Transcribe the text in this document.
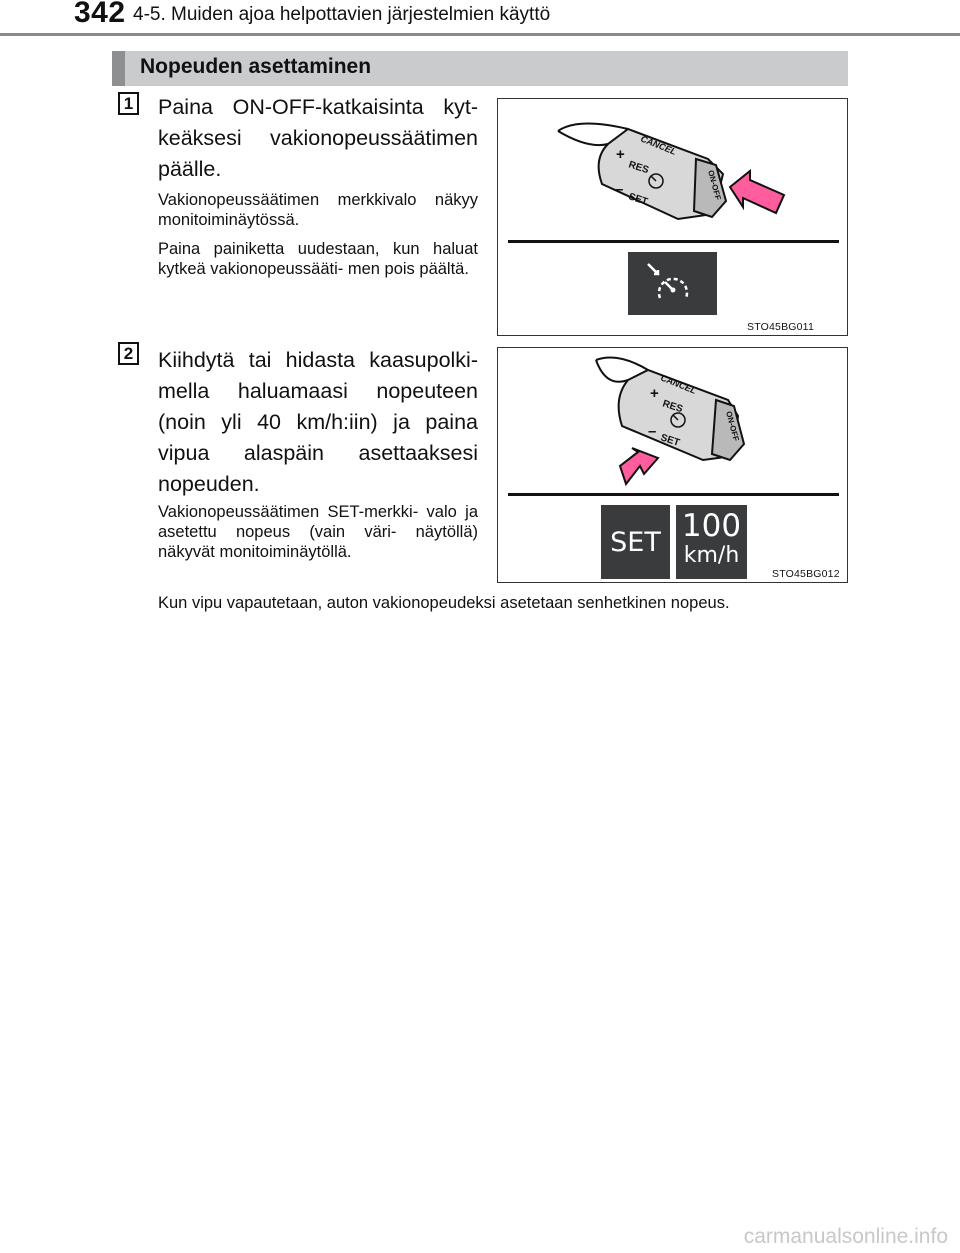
342 4-5. Muiden ajoa helpottavien järjestelmien käyttö
Nopeuden asettaminen
1 Paina ON-OFF-katkaisinta kyt- keäksesi vakionopeussäätimen päälle.

Vakionopeussäätimen merkkivalo näkyy monitoiminäytössä.

Paina painiketta uudestaan, kun haluat kytkeä vakionopeussääti- men pois päältä.

+
RES
CANCEL
–
SET	ON-OFF
STO45BG011
2 Kiihdytä tai hidasta kaasupolki- mella haluamaasi nopeuteen (noin yli 40 km/h:iin) ja paina vipua alaspäin asettaaksesi nopeuden.

Vakionopeussäätimen SET-merkki- valo ja asetettu nopeus (vain väri- näytöllä) näkyvät monitoiminäytöllä.

+
RES
CANCEL
–
SET	ON-OFF
SET 100
km/h
STO45BG012
Kun vipu vapautetaan, auton vakionopeudeksi asetetaan senhetkinen nopeus.
carmanualsonline.info
